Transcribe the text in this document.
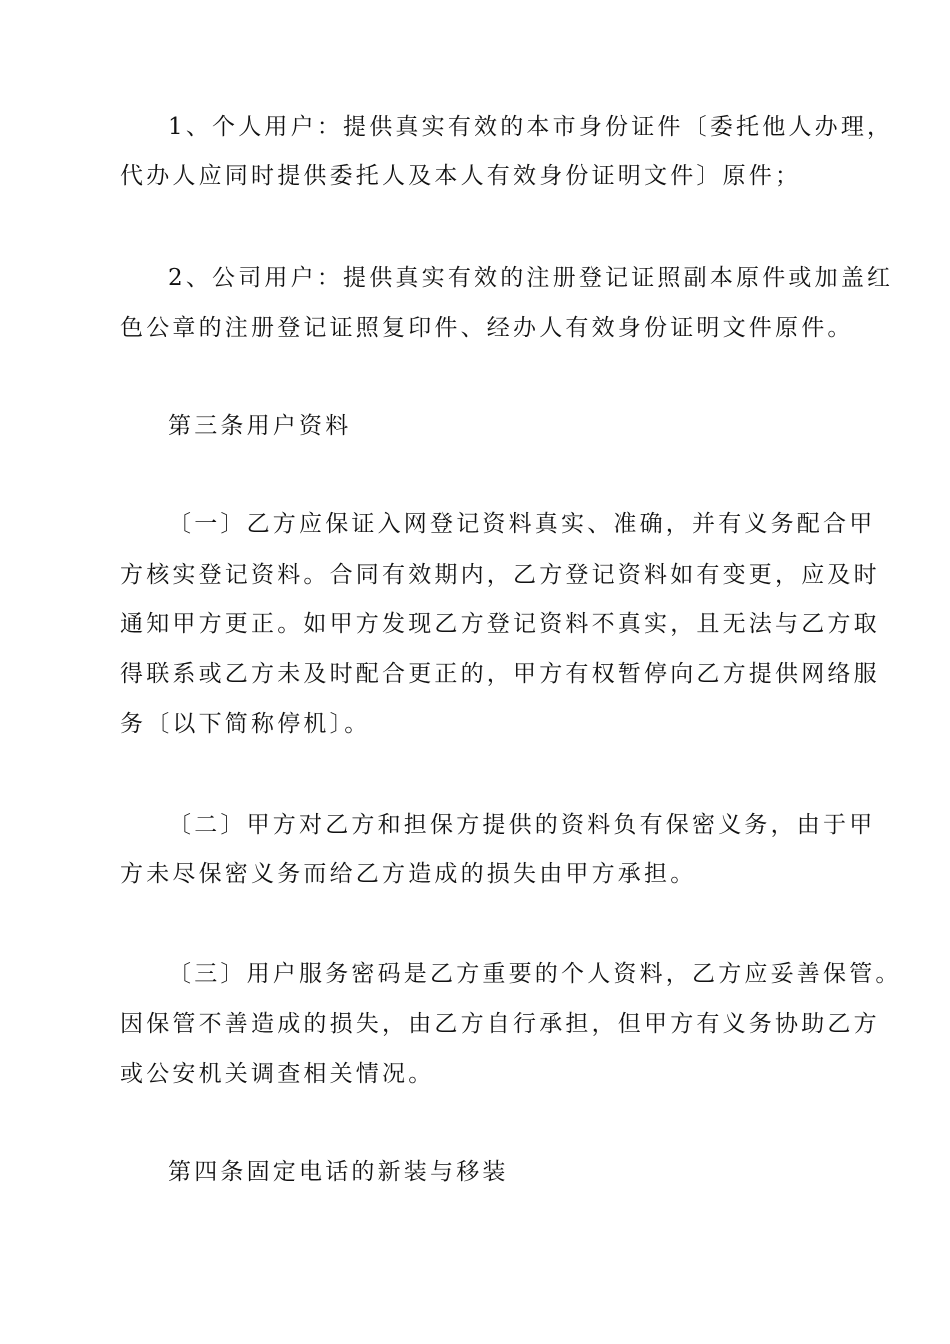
1、个人用户：提供真实有效的本市身份证件〔委托他人办理，
代办人应同时提供委托人及本人有效身份证明文件〕原件；
2、公司用户：提供真实有效的注册登记证照副本原件或加盖红
色公章的注册登记证照复印件、经办人有效身份证明文件原件。
第三条用户资料
〔一〕乙方应保证入网登记资料真实、准确，并有义务配合甲
方核实登记资料。合同有效期内，乙方登记资料如有变更，应及时
通知甲方更正。如甲方发现乙方登记资料不真实，且无法与乙方取
得联系或乙方未及时配合更正的，甲方有权暂停向乙方提供网络服
务〔以下简称停机〕。
〔二〕甲方对乙方和担保方提供的资料负有保密义务，由于甲
方未尽保密义务而给乙方造成的损失由甲方承担。
〔三〕用户服务密码是乙方重要的个人资料，乙方应妥善保管。
因保管不善造成的损失，由乙方自行承担，但甲方有义务协助乙方
或公安机关调查相关情况。
第四条固定电话的新装与移装
